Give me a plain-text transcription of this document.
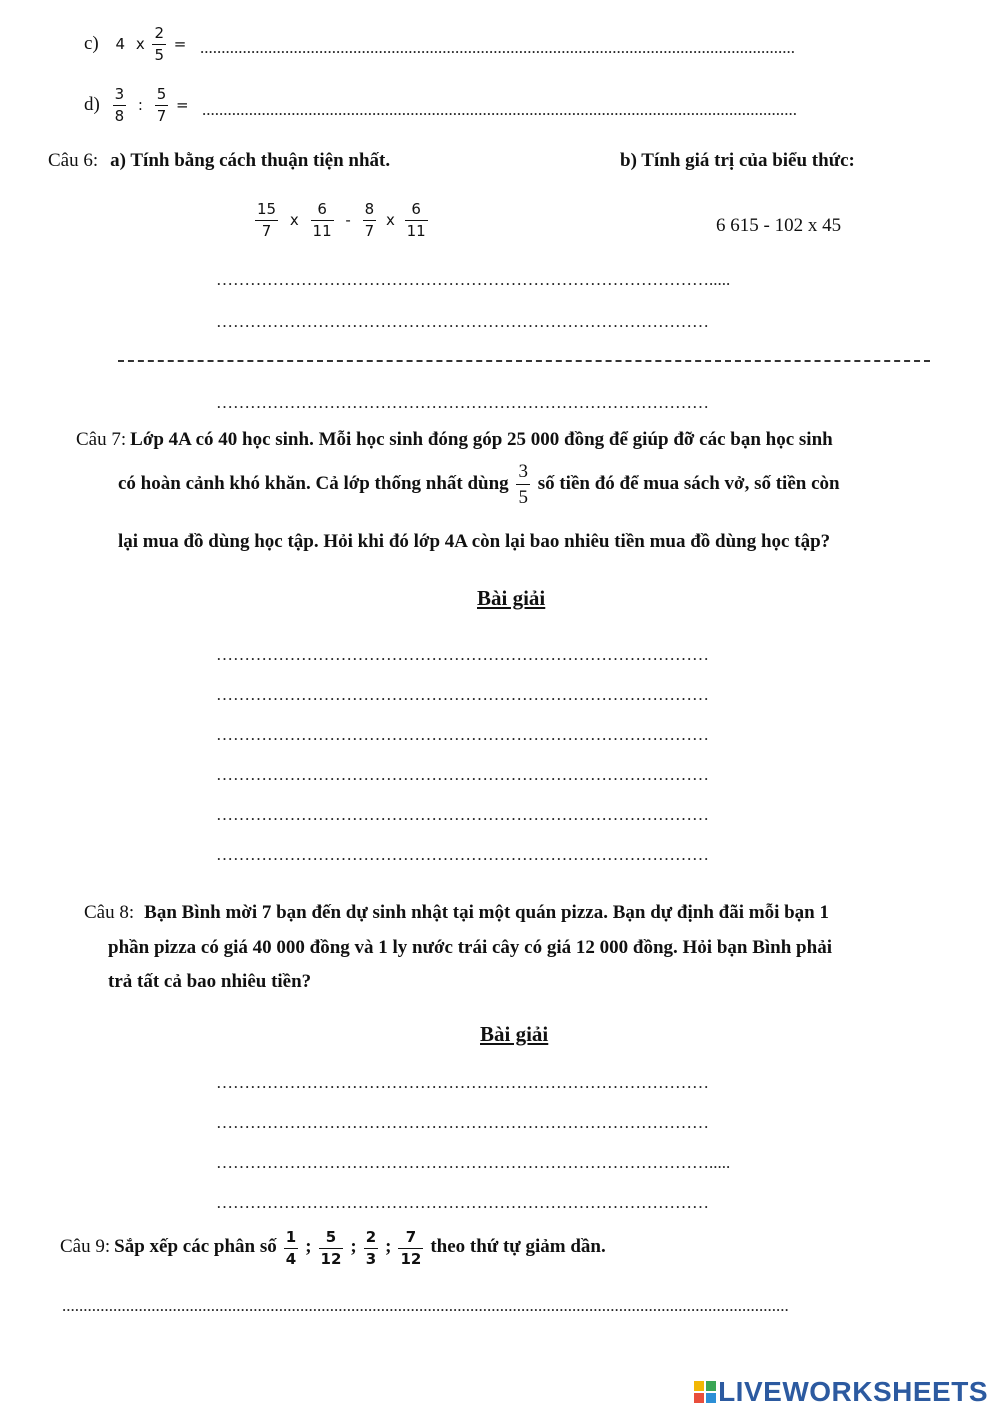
c) 4 x $\frac{2}{5}$ = ............................................................................................................................................
$d) \frac{3}{8}$ : $\frac{5}{7}$ = ............................................................................................................................................
Câu 6: a) Tính bằng cách thuận tiện nhất.	b) Tính giá trị của biểu thức:
$\frac{15}{7}$ x $\frac{6}{11} - \frac{8}{7}$ x $\frac{6}{11}$	6 615 - 102 x 45
…………………………………………………………………………….....
……………………………………………………………………………
……………………………………………………………………………
Câu 7: Lớp 4A có 40 học sinh. Mỗi học sinh đóng góp 25 000 đồng để giúp đỡ các bạn học sinh
có hoàn cảnh khó khăn. Cả lớp thống nhất dùng $\frac{3}{5}$ số tiền đó để mua sách vở, số tiền còn
lại mua đồ dùng học tập. Hỏi khi đó lớp 4A còn lại bao nhiêu tiền mua đồ dùng học tập?
Bài giải
……………………………………………………………………………
……………………………………………………………………………
……………………………………………………………………………
……………………………………………………………………………
……………………………………………………………………………
……………………………………………………………………………
Câu 8: Bạn Bình mời 7 bạn đến dự sinh nhật tại một quán pizza. Bạn dự định đãi mỗi bạn 1
phần pizza có giá 40 000 đồng và 1 ly nước trái cây có giá 12 000 đồng. Hỏi bạn Bình phải
trả tất cả bao nhiêu tiền?
Bài giải
……………………………………………………………………………
……………………………………………………………………………
…………………………………………………………………………….....
……………………………………………………………………………
Câu 9: Sắp xếp các phân số $\frac{1}{4}$ ; $\frac{5}{12}$ ; $\frac{2}{3}$ ; $\frac{7}{12}$ theo thứ tự giảm dần.
...........................................................................................................................................................................
LIVEWORKSHEETS
